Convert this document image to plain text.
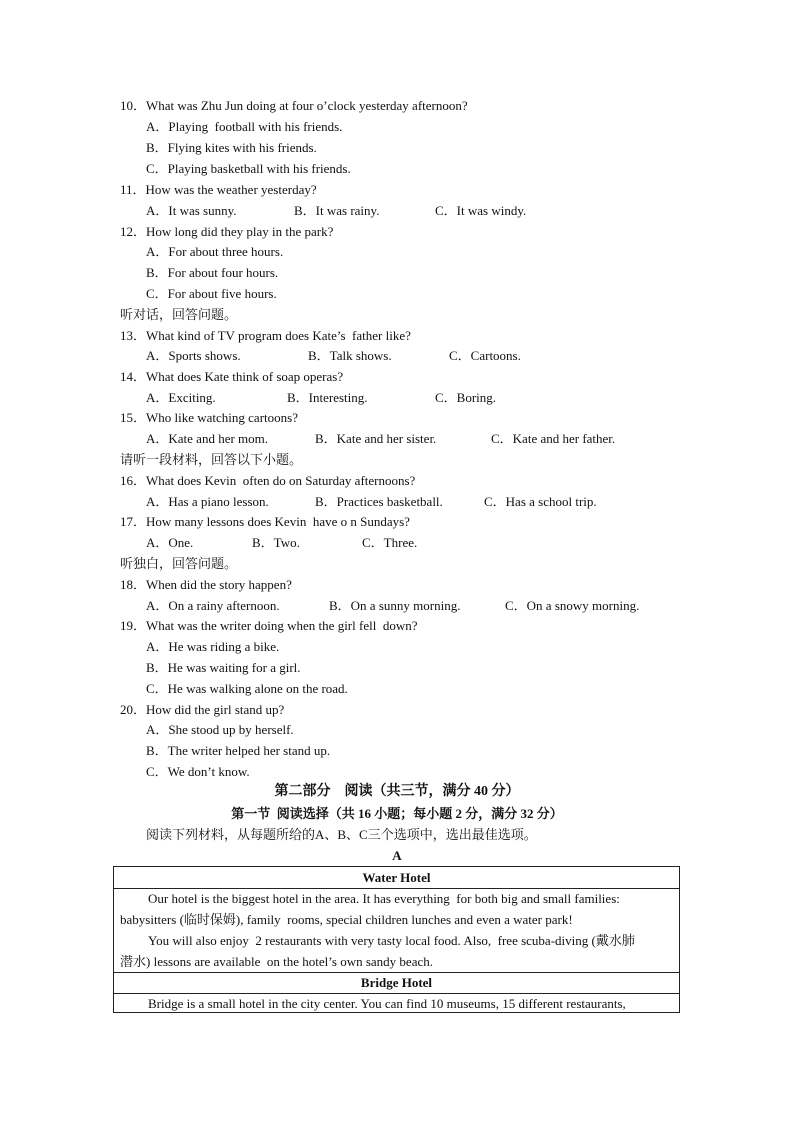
10．What was Zhu Jun doing at four o’clock yesterday afternoon?
A．Playing  football with his friends.
B．Flying kites with his friends.
C．Playing basketball with his friends.
11．How was the weather yesterday?
A．It was sunny.	B．It was rainy.	C．It was windy.
12．How long did they play in the park?
A．For about three hours.
B．For about four hours.
C．For about five hours.
听对话，回答问题。
13．What kind of TV program does Kate’s  father like?
A．Sports shows.	B．Talk shows.	C．Cartoons.
14．What does Kate think of soap operas?
A．Exciting.	B．Interesting.	C．Boring.
15．Who like watching cartoons?
A．Kate and her mom.	B．Kate and her sister.	C．Kate and her father.
请听一段材料，回答以下小题。
16．What does Kevin  often do on Saturday afternoons?
A．Has a piano lesson.	B．Practices basketball.	C．Has a school trip.
17．How many lessons does Kevin  have o n Sundays?
A．One.	B．Two.	C．Three.
听独白，回答问题。
18．When did the story happen?
A．On a rainy afternoon.	B．On a sunny morning.	C．On a snowy morning.
19．What was the writer doing when the girl fell  down?
A．He was riding a bike.
B．He was waiting for a girl.
C．He was walking alone on the road.
20．How did the girl stand up?
A．She stood up by herself.
B．The writer helped her stand up.
C．We don’t know.
第二部分    阅读（共三节，满分 40 分）
第一节  阅读选择（共 16 小题；每小题 2 分，满分 32 分）
阅读下列材料，从每题所给的A、B、C三个选项中，选出最佳选项。
A
Water Hotel
Our hotel is the biggest hotel in the area. It has everything  for both big and small families:
babysitters (临时保姆), family  rooms, special children lunches and even a water park!
You will also enjoy  2 restaurants with very tasty local food. Also,  free scuba-diving (戴水肺
潜水) lessons are available  on the hotel’s own sandy beach.
Bridge Hotel
Bridge is a small hotel in the city center. You can find 10 museums, 15 different restaurants,
